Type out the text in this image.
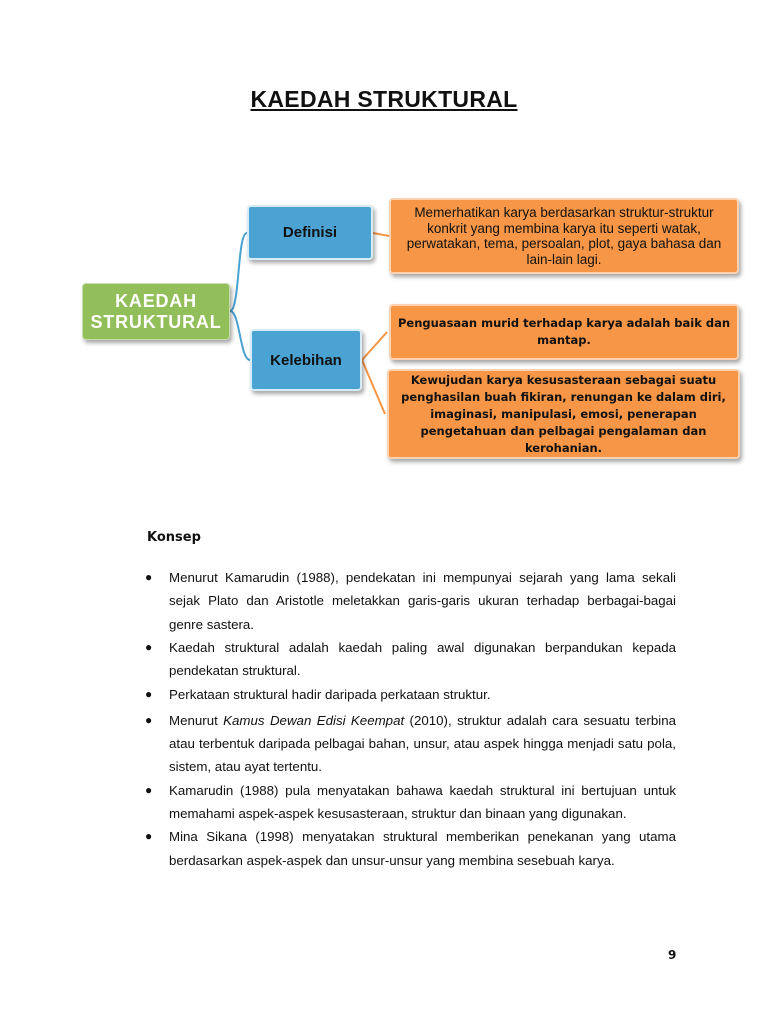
KAEDAH STRUKTURAL
KAEDAH STRUKTURAL
Definisi
Kelebihan
Memerhatikan karya berdasarkan struktur-struktur konkrit yang membina karya itu seperti watak, perwatakan, tema, persoalan, plot, gaya bahasa dan lain-lain lagi.
Penguasaan murid terhadap karya adalah baik dan mantap.
Kewujudan karya kesusasteraan sebagai suatu penghasilan buah fikiran, renungan ke dalam diri, imaginasi, manipulasi, emosi, penerapan pengetahuan dan pelbagai pengalaman dan kerohanian.
Konsep
● Menurut Kamarudin (1988), pendekatan ini mempunyai sejarah yang lama sekali sejak Plato dan Aristotle meletakkan garis-garis ukuran terhadap berbagai-bagai genre sastera.
● Kaedah struktural adalah kaedah paling awal digunakan berpandukan kepada pendekatan struktural.
● Perkataan struktural hadir daripada perkataan struktur.
● Menurut Kamus Dewan Edisi Keempat (2010), struktur adalah cara sesuatu terbina atau terbentuk daripada pelbagai bahan, unsur, atau aspek hingga menjadi satu pola, sistem, atau ayat tertentu.
● Kamarudin (1988) pula menyatakan bahawa kaedah struktural ini bertujuan untuk memahami aspek-aspek kesusasteraan, struktur dan binaan yang digunakan.
● Mina Sikana (1998) menyatakan struktural memberikan penekanan yang utama berdasarkan aspek-aspek dan unsur-unsur yang membina sesebuah karya.
9
